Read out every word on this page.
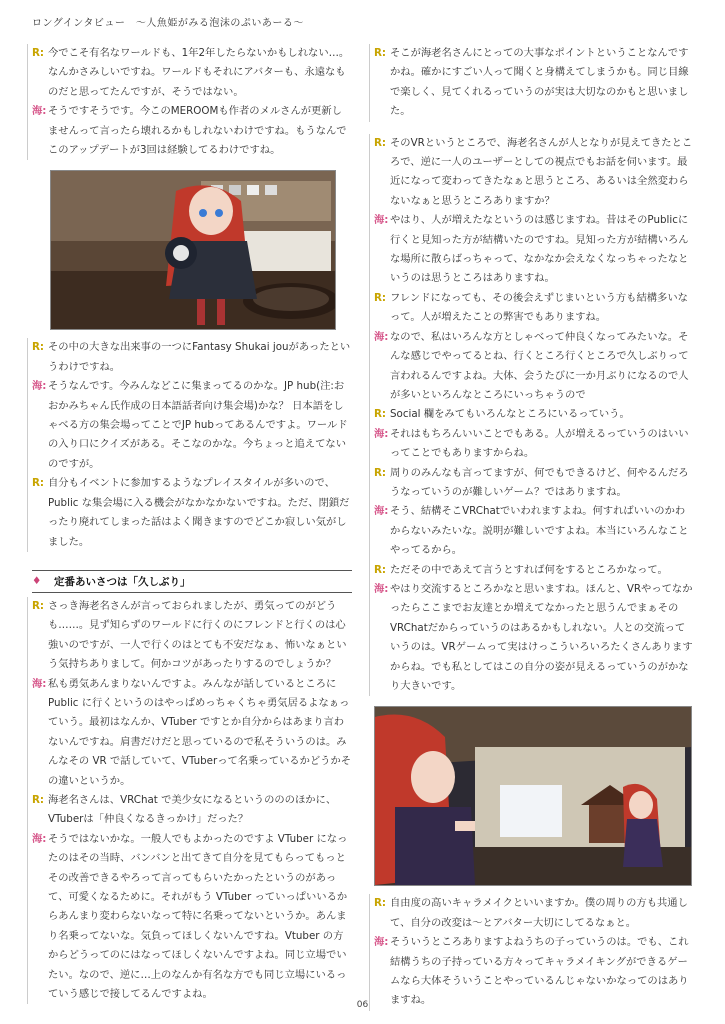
ロングインタビュー　～人魚姫がみる泡沫のぷいあーる～
R: 今でこそ有名なワールドも、1年2年したらないかもしれない…。なんかさみしいですね。ワールドもそれにアバターも、永遠なものだと思ってたんですが、そうではない。
海: そうですそうです。今このMEROOMも作者のメルさんが更新しませんって言ったら壊れるかもしれないわけですね。もうなんでこのアップデートが3回は経験してるわけですね。
R: その中の大きな出来事の一つにFantasy Shukai jouがあったというわけですね。
海: そうなんです。今みんなどこに集まってるのかな。JP hub(注:おおかみちゃん氏作成の日本語話者向け集会場)かな？ 日本語をしゃべる方の集会場ってことでJP hubってあるんですよ。ワールドの入り口にクイズがある。そこなのかな。今ちょっと追えてないのですが。
R: 自分もイベントに参加するようなプレイスタイルが多いので、Public な集会場に入る機会がなかなかないですね。ただ、閉鎖だったり廃れてしまった話はよく聞きますのでどこか寂しい気がしました。
♦	定番あいさつは「久しぶり」
R: さっき海老名さんが言っておられましたが、勇気ってのがどうも……。見ず知らずのワールドに行くのにフレンドと行くのは心強いのですが、一人で行くのはとても不安だなぁ、怖いなぁという気持ちありまして。何かコツがあったりするのでしょうか？
海: 私も勇気あんまりないんですよ。みんなが話しているところにPublic に行くというのはやっぱめっちゃくちゃ勇気居るよなぁっていう。最初はなんか、VTuber ですとか自分からはあまり言わないんですね。肩書だけだと思っているので私そういうのは。みんなその VR で話していて、VTuberって名乗っているかどうかその違いというか。
R: 海老名さんは、VRChat で美少女になるというのののほかに、VTuberは「仲良くなるきっかけ」だった？
海: そうではないかな。一般人でもよかったのですよ VTuber になったのはその当時、バンバンと出てきて自分を見てもらってもっとその改善できるやろって言ってもらいたかったというのがあって、可愛くなるために。それがもう VTuber っていっぱいいるからあんまり変わらないなって特に名乗ってないというか。あんまり名乗ってないな。気負ってほしくないんですね。Vtuber の方からどうってのにはなってほしくないんですよね。同じ立場でいたい。なので、逆に…上のなんか有名な方でも同じ立場にいるっていう感じで接してるんですよね。
R: そこが海老名さんにとっての大事なポイントということなんですかね。確かにすごい人って聞くと身構えてしまうかも。同じ目線で楽しく、見てくれるっていうのが実は大切なのかもと思いました。
R: そのVRというところで、海老名さんが人となりが見えてきたところで、逆に一人のユーザーとしての視点でもお話を伺います。最近になって変わってきたなぁと思うところ、あるいは全然変わらないなぁと思うところありますか？
海: やはり、人が増えたなというのは感じますね。昔はそのPublicに行くと見知った方が結構いたのですね。見知った方が結構いろんな場所に散らばっちゃって、なかなか会えなくなっちゃったなというのは思うところはありますね。
R: フレンドになっても、その後会えずじまいという方も結構多いなって。人が増えたことの弊害でもありますね。
海: なので、私はいろんな方としゃべって仲良くなってみたいな。そんな感じでやってるとね、行くところ行くところで久しぶりって言われるんですよね。大体、会うたびに一か月ぶりになるので人が多いといろんなところにいっちゃうので
R: Social 欄をみてもいろんなところにいるっていう。
海: それはもちろんいいことでもある。人が増えるっていうのはいいってことでもありますからね。
R: 周りのみんなも言ってますが、何でもできるけど、何やるんだろうなっていうのが難しいゲーム？ではありますね。
海: そう、結構そこVRChatでいわれますよね。何すればいいのかわからないみたいな。説明が難しいですよね。本当にいろんなことやってるから。
R: ただその中であえて言うとすれば何をするところかなって。
海: やはり交流するところかなと思いますね。ほんと、VRやってなかったらここまでお友達とか増えてなかったと思うんでまぁそのVRChatだからっていうのはあるかもしれない。人との交流っていうのは。VRゲームって実はけっこういろいろたくさんありますからね。でも私としてはこの自分の姿が見えるっていうのがかなり大きいです。
R: 自由度の高いキャラメイクといいますか。僕の周りの方も共通して、自分の改変は～とアバター大切にしてるなぁと。
海: そういうところありますよねうちの子っていうのは。でも、これ結構うちの子持っている方々ってキャラメイキングができるゲームなら大体そういうことやっているんじゃないかなってのはありますね。
06
